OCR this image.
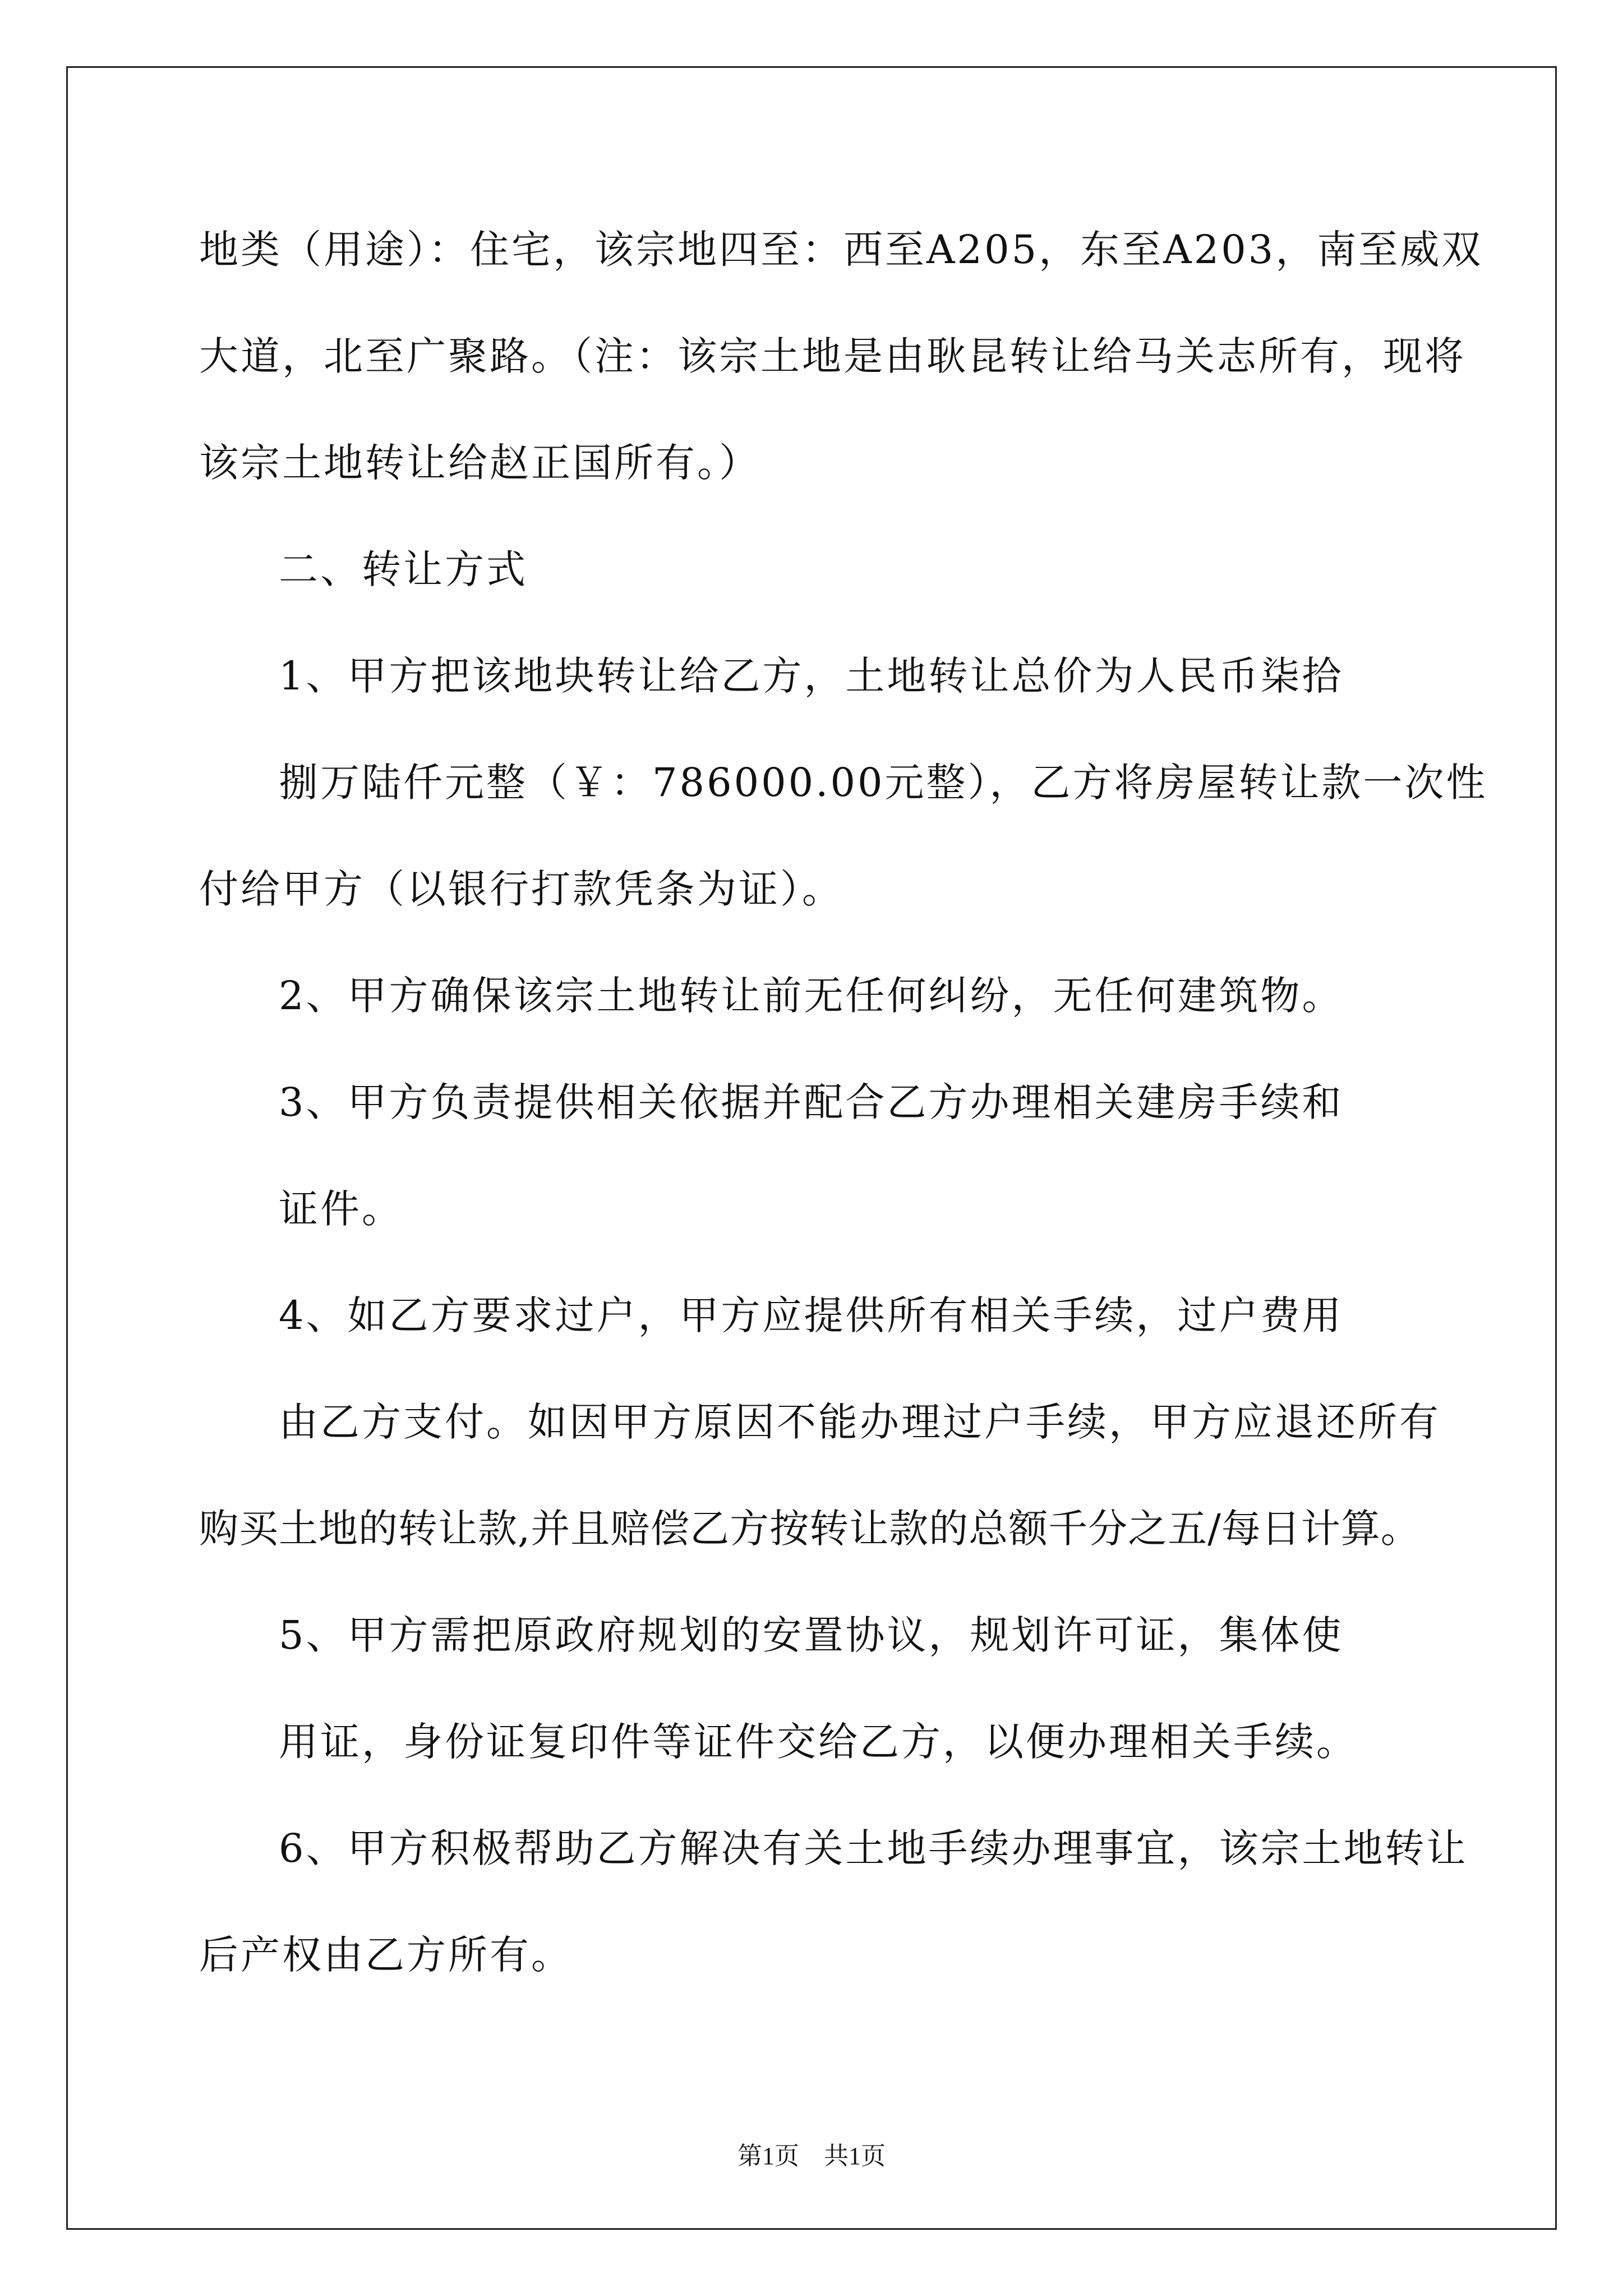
地类（用途）：住宅，该宗地四至：西至A205，东至A203，南至威双
大道，北至广聚路。（注：该宗土地是由耿昆转让给马关志所有，现将
该宗土地转让给赵正国所有。）
二、转让方式
1、甲方把该地块转让给乙方，土地转让总价为人民币柒拾
捌万陆仟元整（￥：786000.00元整），乙方将房屋转让款一次性
付给甲方（以银行打款凭条为证）。
2、甲方确保该宗土地转让前无任何纠纷，无任何建筑物。
3、甲方负责提供相关依据并配合乙方办理相关建房手续和
证件。
4、如乙方要求过户，甲方应提供所有相关手续，过户费用
由乙方支付。如因甲方原因不能办理过户手续，甲方应退还所有
购买土地的转让款,并且赔偿乙方按转让款的总额千分之五/每日计算。
5、甲方需把原政府规划的安置协议，规划许可证，集体使
用证，身份证复印件等证件交给乙方，以便办理相关手续。
6、甲方积极帮助乙方解决有关土地手续办理事宜，该宗土地转让
后产权由乙方所有。
第1页　共1页
